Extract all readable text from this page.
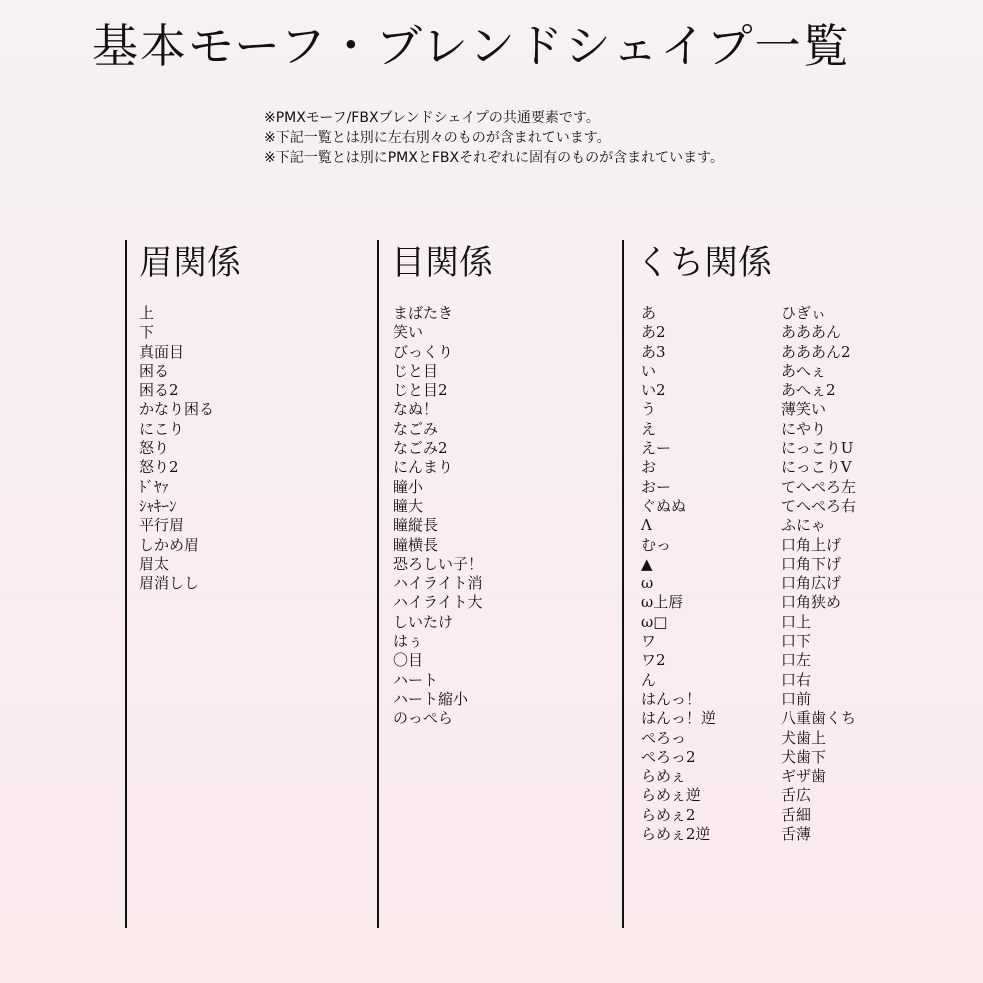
基本モーフ・ブレンドシェイプ一覧
※PMXモーフ/FBXブレンドシェイプの共通要素です。
※下記一覧とは別に左右別々のものが含まれています。
※下記一覧とは別にPMXとFBXそれぞれに固有のものが含まれています。
眉関係
上
下
真面目
困る
困る2
かなり困る
にこり
怒り
怒り2
ﾄﾞﾔｧ
ｼｬｷｰﾝ
平行眉
しかめ眉
眉太
眉消しし
目関係
まばたき
笑い
びっくり
じと目
じと目2
なぬ！
なごみ
なごみ2
にんまり
瞳小
瞳大
瞳縦長
瞳横長
恐ろしい子！
ハイライト消
ハイライト大
しいたけ
はぅ
〇目
ハート
ハート縮小
のっぺら
くち関係
あ
あ2
あ3
い
い2
う
え
えー
お
おー
ぐぬぬ
Λ
むっ
▲
ω
ω上唇
ω□
ワ
ワ2
ん
はんっ！
はんっ！逆
ぺろっ
ぺろっ2
らめぇ
らめぇ逆
らめぇ2
らめぇ2逆
ひぎぃ
あああん
あああん2
あへぇ
あへぇ2
薄笑い
にやり
にっこりU
にっこりV
てへぺろ左
てへぺろ右
ふにゃ
口角上げ
口角下げ
口角広げ
口角狭め
口上
口下
口左
口右
口前
八重歯くち
犬歯上
犬歯下
ギザ歯
舌広
舌細
舌薄
